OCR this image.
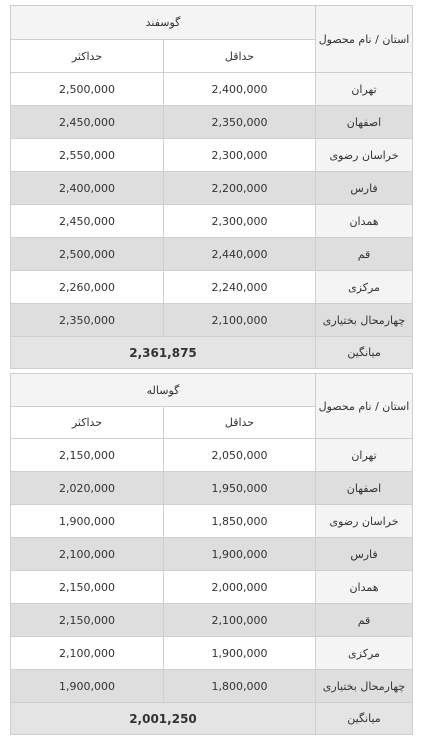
گوسفند		استان / نام محصول
حداکثر	حداقل	
2,500,000	2,400,000	تهران
2,450,000	2,350,000	اصفهان
2,550,000	2,300,000	خراسان رضوی
2,400,000	2,200,000	فارس
2,450,000	2,300,000	همدان
2,500,000	2,440,000	قم
2,260,000	2,240,000	مرکزی
2,350,000	2,100,000	چهارمحال بختیاری
2,361,875		میانگین
گوساله		استان / نام محصول
حداکثر	حداقل	
2,150,000	2,050,000	تهران
2,020,000	1,950,000	اصفهان
1,900,000	1,850,000	خراسان رضوی
2,100,000	1,900,000	فارس
2,150,000	2,000,000	همدان
2,150,000	2,100,000	قم
2,100,000	1,900,000	مرکزی
1,900,000	1,800,000	چهارمحال بختیاری
2,001,250		میانگین
